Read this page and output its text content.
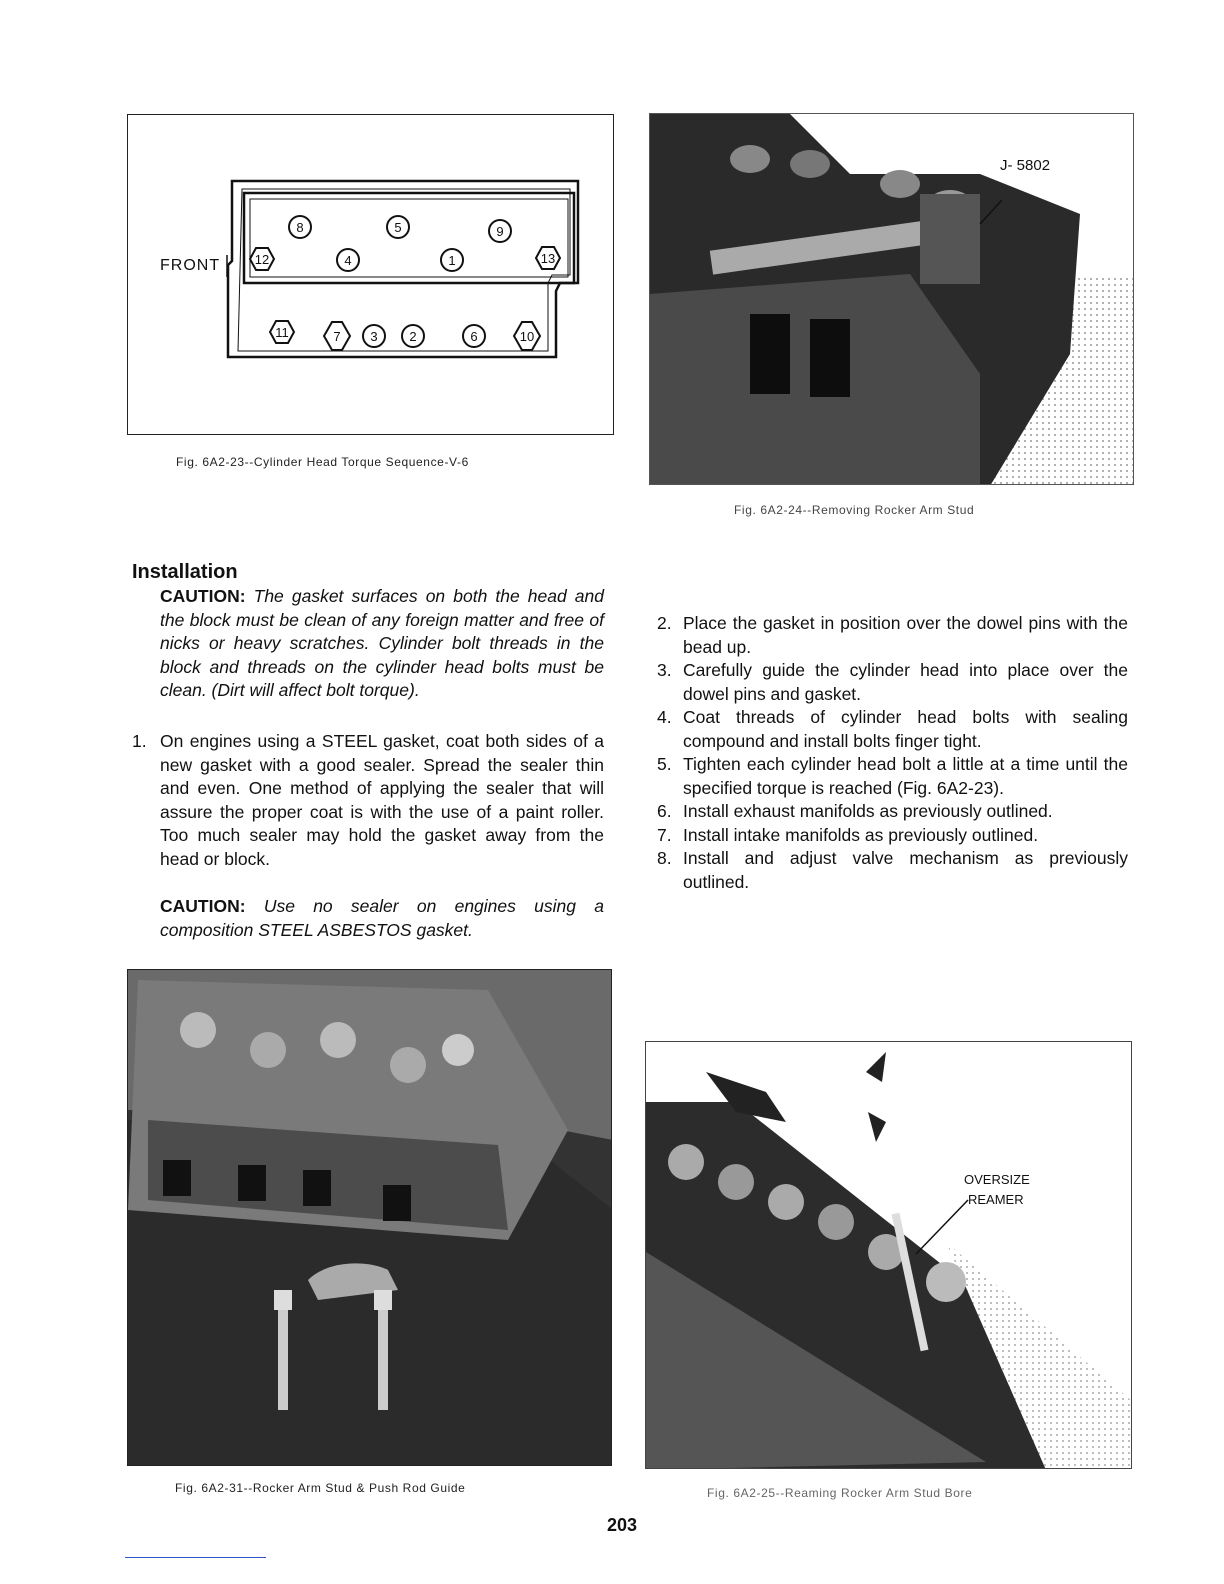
FRONT
8	5	9
12	4	1	13
11	7 3 2	6	10
Fig. 6A2-23--Cylinder Head Torque Sequence-V-6
J- 5802
Fig. 6A2-24--Removing Rocker Arm Stud
Installation

CAUTION: The gasket surfaces on both the head and the block must be clean of any foreign matter and free of nicks or heavy scratches. Cylinder bolt threads in the block and threads on the cylinder head bolts must be clean. (Dirt will affect bolt torque).

1. On engines using a STEEL gasket, coat both sides of a new gasket with a good sealer. Spread the sealer thin and even. One method of applying the sealer that will assure the proper coat is with the use of a paint roller. Too much sealer may hold the gasket away from the head or block.

CAUTION: Use no sealer on engines using a composition STEEL ASBESTOS gasket.

2. Place the gasket in position over the dowel pins with the bead up.
3. Carefully guide the cylinder head into place over the dowel pins and gasket.
4. Coat threads of cylinder head bolts with sealing compound and install bolts finger tight.
5. Tighten each cylinder head bolt a little at a time until the specified torque is reached (Fig. 6A2-23).
6. Install exhaust manifolds as previously outlined.
7. Install intake manifolds as previously outlined.
8. Install and adjust valve mechanism as previously outlined.
Fig. 6A2-31--Rocker Arm Stud & Push Rod Guide
OVERSIZE
REAMER
Fig. 6A2-25--Reaming Rocker Arm Stud Bore
203
